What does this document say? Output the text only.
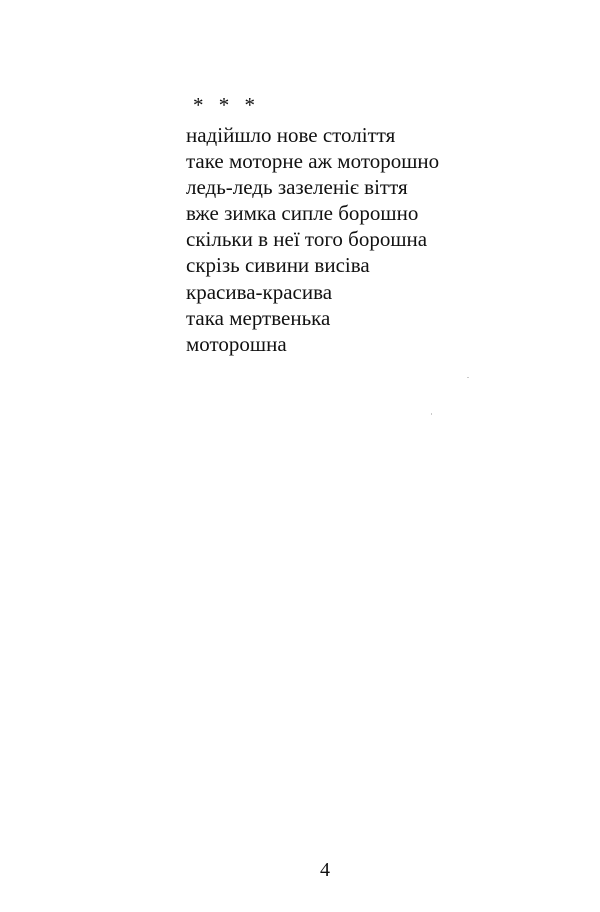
* * *
надійшло нове століття
таке моторне аж моторошно
ледь-ледь зазеленіє віття
вже зимка сипле борошно
скільки в неї того борошна
скрізь сивини висіва
красива-красива
така мертвенька
моторошна
4
